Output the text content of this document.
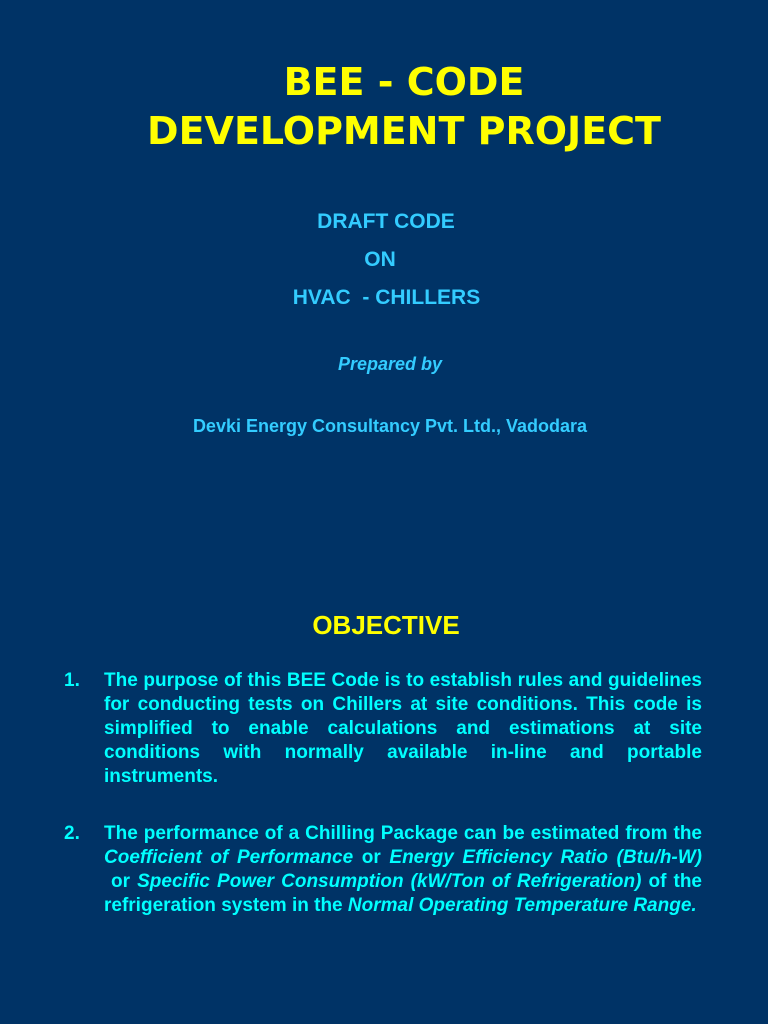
BEE - CODE
DEVELOPMENT PROJECT
DRAFT CODE
ON
HVAC  - CHILLERS
Prepared by
Devki Energy Consultancy Pvt. Ltd., Vadodara
OBJECTIVE
1.	The purpose of this BEE Code is to establish rules and guidelines for conducting tests on Chillers at site conditions. This code is simplified to enable calculations and estimations at site conditions with normally available in-line and portable instruments.
2.	The performance of a Chilling Package can be estimated from the Coefficient of Performance or Energy Efficiency Ratio (Btu/h-W) or Specific Power Consumption (kW/Ton of Refrigeration) of the refrigeration system in the Normal Operating Temperature Range.
